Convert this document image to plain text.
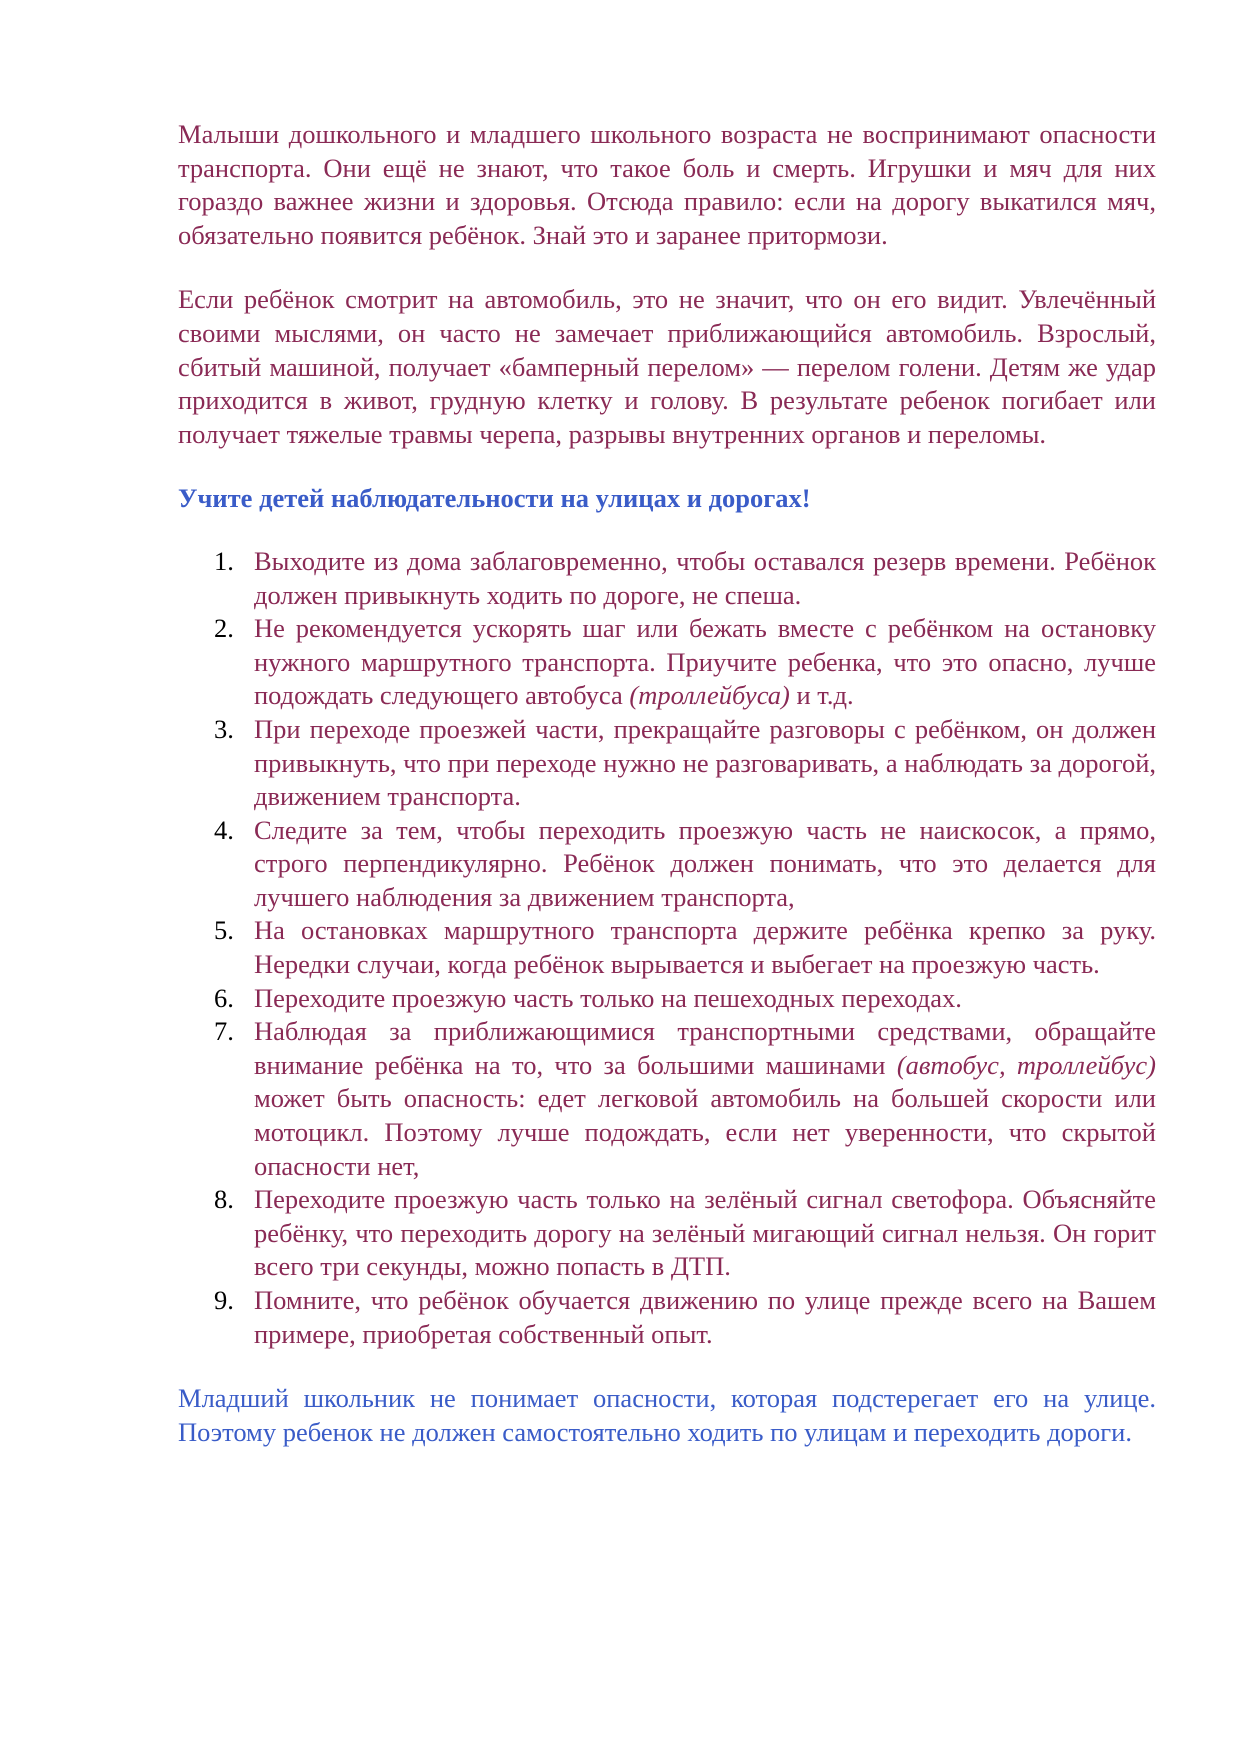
Малыши дошкольного и младшего школьного возраста не воспринимают опасности транспорта. Они ещё не знают, что такое боль и смерть. Игрушки и мяч для них гораздо важнее жизни и здоровья. Отсюда правило: если на дорогу выкатился мяч, обязательно появится ребёнок. Знай это и заранее притормози.

Если ребёнок смотрит на автомобиль, это не значит, что он его видит. Увлечённый своими мыслями, он часто не замечает приближающийся автомобиль. Взрослый, сбитый машиной, получает «бамперный перелом» — перелом голени. Детям же удар приходится в живот, грудную клетку и голову. В результате ребенок погибает или получает тяжелые травмы черепа, разрывы внутренних органов и переломы.

Учите детей наблюдательности на улицах и дорогах!

1. Выходите из дома заблаговременно, чтобы оставался резерв времени. Ребёнок должен привыкнуть ходить по дороге, не спеша.
2. Не рекомендуется ускорять шаг или бежать вместе с ребёнком на остановку нужного маршрутного транспорта. Приучите ребенка, что это опасно, лучше подождать следующего автобуса (троллейбуса) и т.д.
3. При переходе проезжей части, прекращайте разговоры с ребёнком, он должен привыкнуть, что при переходе нужно не разговаривать, а наблюдать за дорогой, движением транспорта.
4. Следите за тем, чтобы переходить проезжую часть не наискосок, а прямо, строго перпендикулярно. Ребёнок должен понимать, что это делается для лучшего наблюдения за движением транспорта,
5. На остановках маршрутного транспорта держите ребёнка крепко за руку. Нередки случаи, когда ребёнок вырывается и выбегает на проезжую часть.
6. Переходите проезжую часть только на пешеходных переходах.
7. Наблюдая за приближающимися транспортными средствами, обращайте внимание ребёнка на то, что за большими машинами (автобус, троллейбус) может быть опасность: едет легковой автомобиль на большей скорости или мотоцикл. Поэтому лучше подождать, если нет уверенности, что скрытой опасности нет,
8. Переходите проезжую часть только на зелёный сигнал светофора. Объясняйте ребёнку, что переходить дорогу на зелёный мигающий сигнал нельзя. Он горит всего три секунды, можно попасть в ДТП.
9. Помните, что ребёнок обучается движению по улице прежде всего на Вашем примере, приобретая собственный опыт.

Младший школьник не понимает опасности, которая подстерегает его на улице. Поэтому ребенок не должен самостоятельно ходить по улицам и переходить дороги.
